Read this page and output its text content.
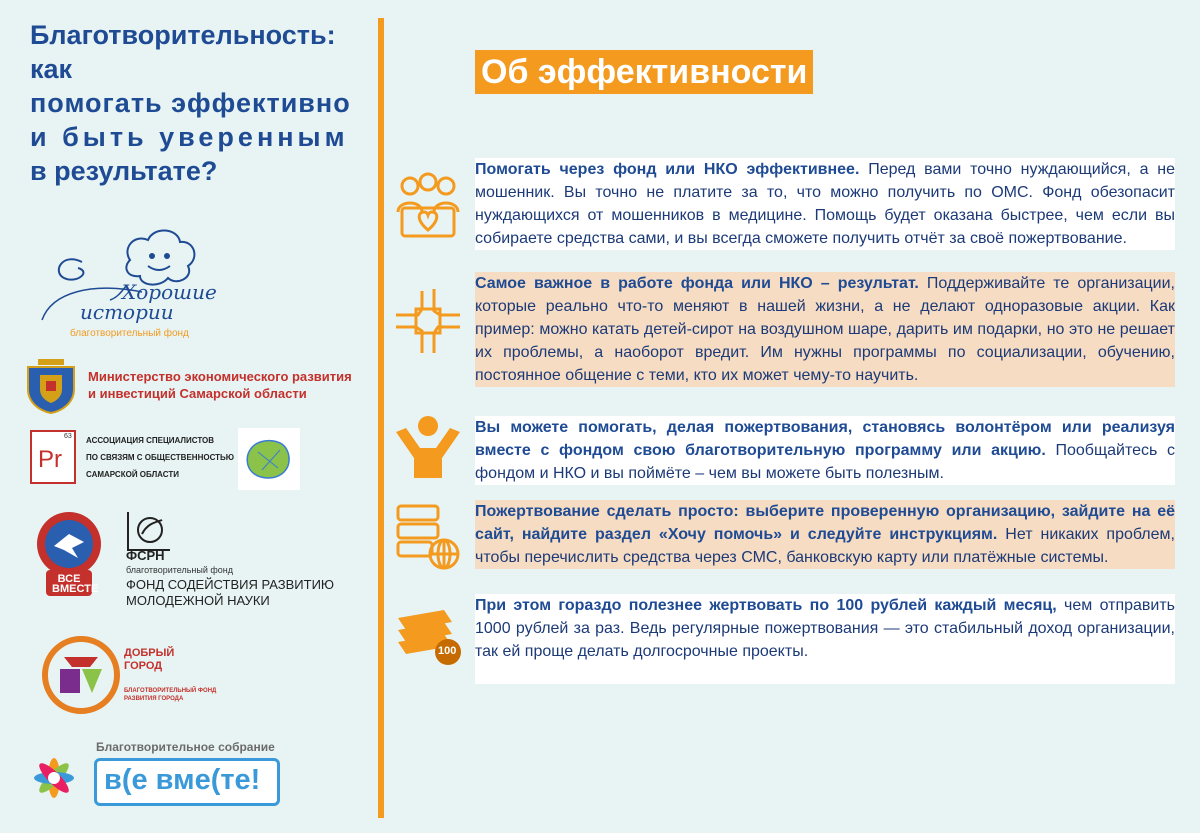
Благотворительность: как
помогать эффективно
и быть уверенным
в результате?
Хорошие
истории
благотворительный фонд
Министерство экономического развития
и инвестиций Самарской области
Pr
63 АССОЦИАЦИЯ СПЕЦИАЛИСТОВ
ПО СВЯЗЯМ С ОБЩЕСТВЕННОСТЬЮ
САМАРСКОЙ ОБЛАСТИ
ВСЕ ВМЕСТЕ
ФСРН
благотворительный фонд
ФОНД СОДЕЙСТВИЯ РАЗВИТИЮ
МОЛОДЕЖНОЙ НАУКИ
ДОБРЫЙ
ГОРОД
БЛАГОТВОРИТЕЛЬНЫЙ ФОНД
РАЗВИТИЯ ГОРОДА
Благотворительное собрание
в(е вме(те!
Об эффективности

Помогать через фонд или НКО эффективнее. Перед вами точно нуждающийся, а не мошенник. Вы точно не платите за то, что можно получить по ОМС. Фонд обезопасит нуждающихся от мошенников в медицине. Помощь будет оказана быстрее, чем если вы собираете средства сами, и вы всегда сможете получить отчёт за своё пожертвование.

Самое важное в работе фонда или НКО – результат. Поддерживайте те организации, которые реально что-то меняют в нашей жизни, а не делают одноразовые акции. Как пример: можно катать детей-сирот на воздушном шаре, дарить им подарки, но это не решает их проблемы, а наоборот вредит. Им нужны программы по социализации, обучению, постоянное общение с теми, кто их может чему-то научить.

Вы можете помогать, делая пожертвования, становясь волонтёром или реализуя вместе с фондом свою благотворительную программу или акцию. Пообщайтесь с фондом и НКО и вы поймёте – чем вы можете быть полезным.

Пожертвование сделать просто: выберите проверенную организацию, зайдите на её сайт, найдите раздел «Хочу помочь» и следуйте инструкциям. Нет никаких проблем, чтобы перечислить средства через СМС, банковскую карту или платёжные системы.

100

При этом гораздо полезнее жертвовать по 100 рублей каждый месяц, чем отправить 1000 рублей за раз. Ведь регулярные пожертвования — это стабильный доход организации, так ей проще делать долгосрочные проекты.
